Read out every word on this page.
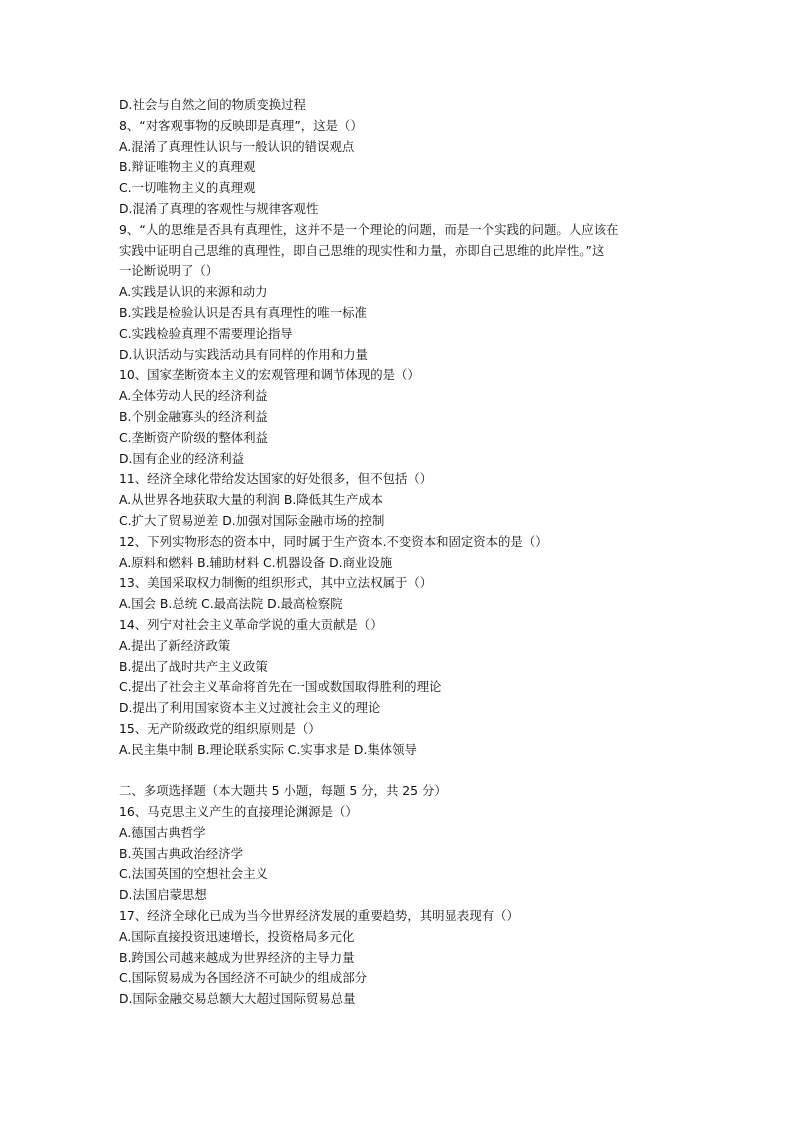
D.社会与自然之间的物质变换过程
8、“对客观事物的反映即是真理”，这是（）
A.混淆了真理性认识与一般认识的错误观点
B.辩证唯物主义的真理观
C.一切唯物主义的真理观
D.混淆了真理的客观性与规律客观性
9、“人的思维是否具有真理性，这并不是一个理论的问题，而是一个实践的问题。人应该在
实践中证明自己思维的真理性，即自己思维的现实性和力量，亦即自己思维的此岸性。”这
一论断说明了（）
A.实践是认识的来源和动力
B.实践是检验认识是否具有真理性的唯一标准
C.实践检验真理不需要理论指导
D.认识活动与实践活动具有同样的作用和力量
10、国家垄断资本主义的宏观管理和调节体现的是（）
A.全体劳动人民的经济利益
B.个别金融寡头的经济利益
C.垄断资产阶级的整体利益
D.国有企业的经济利益
11、经济全球化带给发达国家的好处很多，但不包括（）
A.从世界各地获取大量的利润 B.降低其生产成本
C.扩大了贸易逆差 D.加强对国际金融市场的控制
12、下列实物形态的资本中，同时属于生产资本.不变资本和固定资本的是（）
A.原料和燃料 B.辅助材料 C.机器设备 D.商业设施
13、美国采取权力制衡的组织形式，其中立法权属于（）
A.国会 B.总统 C.最高法院 D.最高检察院
14、列宁对社会主义革命学说的重大贡献是（）
A.提出了新经济政策
B.提出了战时共产主义政策
C.提出了社会主义革命将首先在一国或数国取得胜利的理论
D.提出了利用国家资本主义过渡社会主义的理论
15、无产阶级政党的组织原则是（）
A.民主集中制 B.理论联系实际 C.实事求是 D.集体领导
二、多项选择题（本大题共 5 小题，每题 5 分，共 25 分）
16、马克思主义产生的直接理论渊源是（）
A.德国古典哲学
B.英国古典政治经济学
C.法国英国的空想社会主义
D.法国启蒙思想
17、经济全球化已成为当今世界经济发展的重要趋势，其明显表现有（）
A.国际直接投资迅速增长，投资格局多元化
B.跨国公司越来越成为世界经济的主导力量
C.国际贸易成为各国经济不可缺少的组成部分
D.国际金融交易总额大大超过国际贸易总量
